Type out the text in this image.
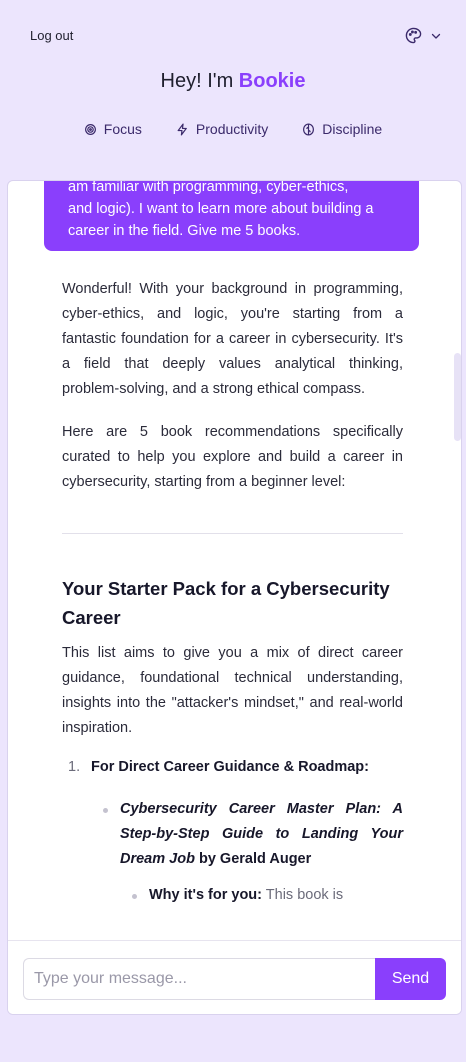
Log out
Hey! I'm Bookie
Focus	Productivity	Discipline
am familiar with programming, cyber-ethics,
and logic). I want to learn more about building a
career in the field. Give me 5 books.

Wonderful! With your background in programming, cyber-ethics, and logic, you're starting from a fantastic foundation for a career in cybersecurity. It's a field that deeply values analytical thinking, problem-solving, and a strong ethical compass.

Here are 5 book recommendations specifically curated to help you explore and build a career in cybersecurity, starting from a beginner level:

Your Starter Pack for a Cybersecurity Career

This list aims to give you a mix of direct career guidance, foundational technical understanding, insights into the "attacker's mindset," and real-world inspiration.

1. For Direct Career Guidance & Roadmap:
Cybersecurity Career Master Plan: A Step-by-Step Guide to Landing Your Dream Job by Gerald Auger
Why it's for you: This book is
Type your message...
Send
